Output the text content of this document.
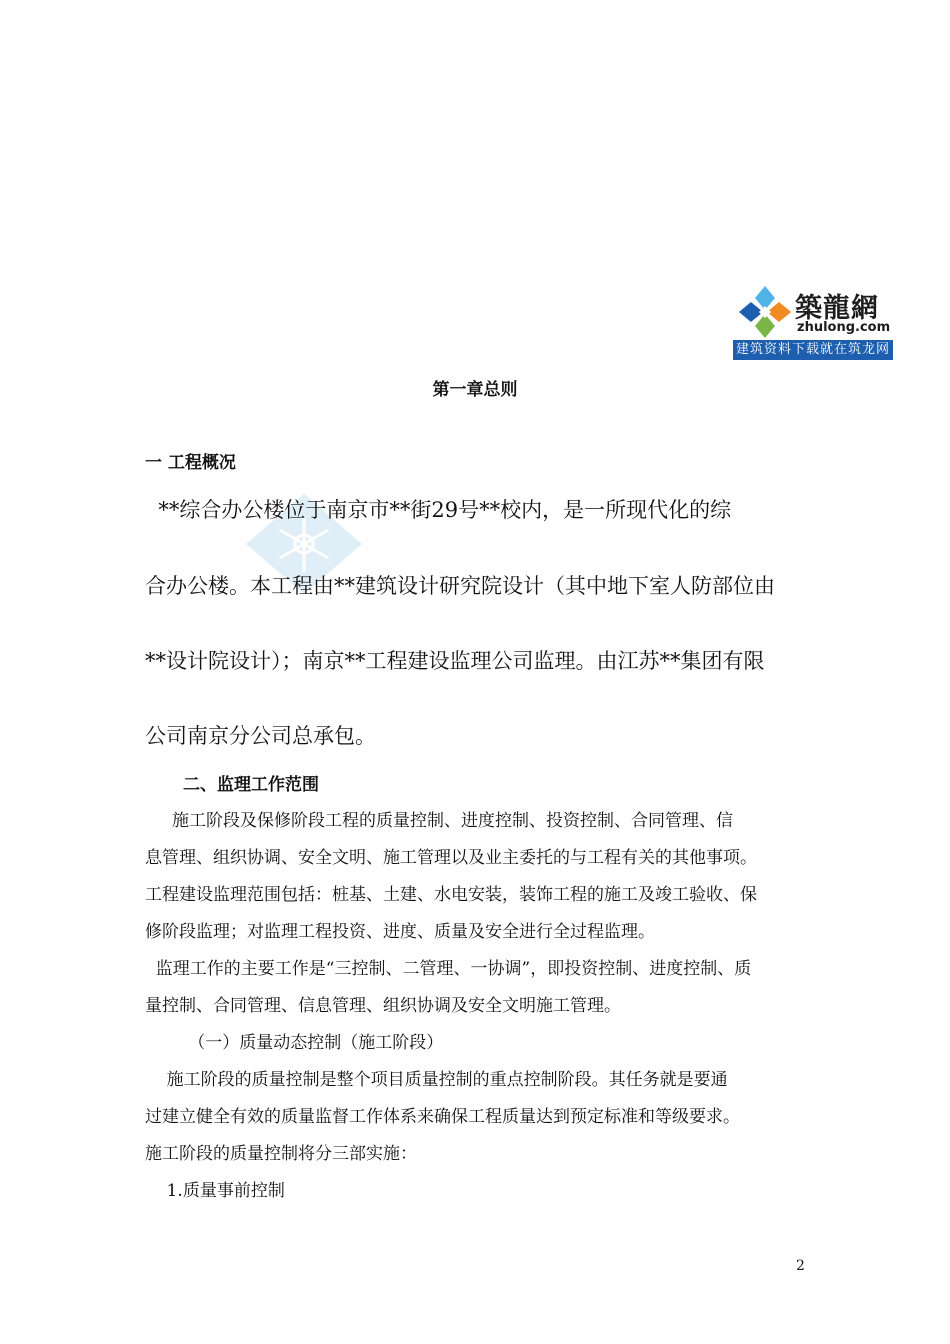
築龍網
zhulong.com
建筑资料下载就在筑龙网
第一章总则
一 工程概况
**综合办公楼位于南京市**街29号**校内，是一所现代化的综
合办公楼。本工程由**建筑设计研究院设计（其中地下室人防部位由
**设计院设计）；南京**工程建设监理公司监理。由江苏**集团有限
公司南京分公司总承包。
二、监理工作范围
施工阶段及保修阶段工程的质量控制、进度控制、投资控制、合同管理、信
息管理、组织协调、安全文明、施工管理以及业主委托的与工程有关的其他事项。
工程建设监理范围包括：桩基、土建、水电安装，装饰工程的施工及竣工验收、保
修阶段监理；对监理工程投资、进度、质量及安全进行全过程监理。
监理工作的主要工作是“三控制、二管理、一协调”，即投资控制、进度控制、质
量控制、合同管理、信息管理、组织协调及安全文明施工管理。
（一）质量动态控制（施工阶段）
施工阶段的质量控制是整个项目质量控制的重点控制阶段。其任务就是要通
过建立健全有效的质量监督工作体系来确保工程质量达到预定标准和等级要求。
施工阶段的质量控制将分三部实施：
1.质量事前控制
2
